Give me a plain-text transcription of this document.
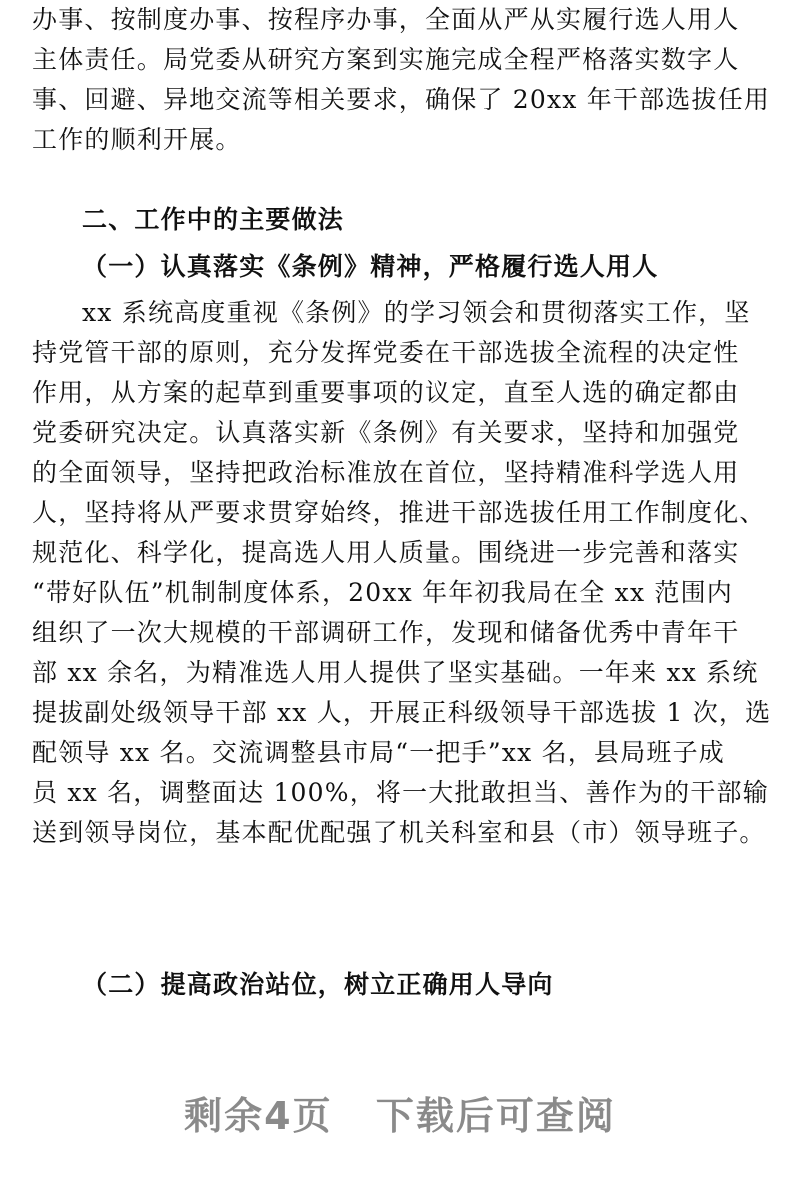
办事、按制度办事、按程序办事，全面从严从实履行选人用人
主体责任。局党委从研究方案到实施完成全程严格落实数字人
事、回避、异地交流等相关要求，确保了 20xx 年干部选拔任用
工作的顺利开展。
二、工作中的主要做法
（一）认真落实《条例》精神，严格履行选人用人
xx 系统高度重视《条例》的学习领会和贯彻落实工作，坚
持党管干部的原则，充分发挥党委在干部选拔全流程的决定性
作用，从方案的起草到重要事项的议定，直至人选的确定都由
党委研究决定。认真落实新《条例》有关要求，坚持和加强党
的全面领导，坚持把政治标准放在首位，坚持精准科学选人用
人，坚持将从严要求贯穿始终，推进干部选拔任用工作制度化、
规范化、科学化，提高选人用人质量。围绕进一步完善和落实
“带好队伍”机制制度体系，20xx 年年初我局在全 xx 范围内
组织了一次大规模的干部调研工作，发现和储备优秀中青年干
部 xx 余名，为精准选人用人提供了坚实基础。一年来 xx 系统
提拔副处级领导干部 xx 人，开展正科级领导干部选拔 1 次，选
配领导 xx 名。交流调整县市局“一把手”xx 名，县局班子成
员 xx 名，调整面达 100%，将一大批敢担当、善作为的干部输
送到领导岗位，基本配优配强了机关科室和县（市）领导班子。
（二）提高政治站位，树立正确用人导向
剩余4页 下载后可查阅
